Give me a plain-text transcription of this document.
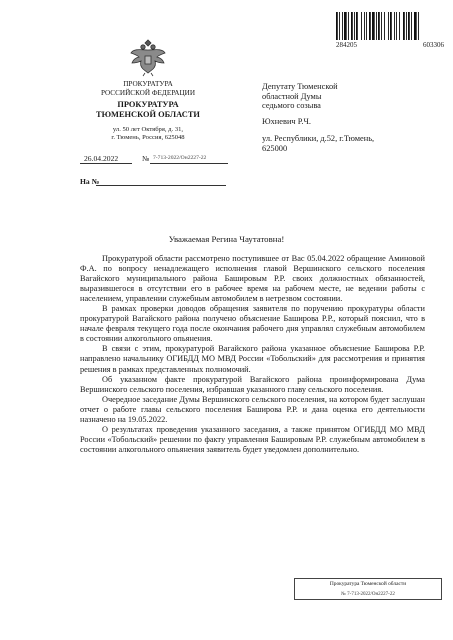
284205	603306
ПРОКУРАТУРА
РОССИЙСКОЙ ФЕДЕРАЦИИ
ПРОКУРАТУРА
ТЮМЕНСКОЙ ОБЛАСТИ
ул. 50 лет Октября, д. 31,
г. Тюмень, Россия, 625048
26.04.2022	№ 7-713-2022/Он2227-22
На №
Депутату Тюменской
областной Думы
седьмого созыва
Юхневич Р.Ч.
ул. Республики, д.52, г.Тюмень,
625000
Уважаемая Регина Чаутатовна!

Прокуратурой области рассмотрено поступившее от Вас 05.04.2022 обращение Аминовой Ф.А. по вопросу ненадлежащего исполнения главой Вершинского сельского поселения Вагайского муниципального района Башировым Р.Р. своих должностных обязанностей, выразившегося в отсутствии его в рабочее время на рабочем месте, не ведении работы с населением, управлении служебным автомобилем в нетрезвом состоянии.

В рамках проверки доводов обращения заявителя по поручению прокуратуры области прокуратурой Вагайского района получено объяснение Баширова Р.Р., который пояснил, что в начале февраля текущего года после окончания рабочего дня управлял служебным автомобилем в состоянии алкогольного опьянения.

В связи с этим, прокуратурой Вагайского района указанное объяснение Баширова Р.Р. направлено начальнику ОГИБДД МО МВД России «Тобольский» для рассмотрения и принятия решения в рамках представленных полномочий.

Об указанном факте прокуратурой Вагайского района проинформирована Дума Вершинского сельского поселения, избравшая указанного главу сельского поселения.

Очередное заседание Думы Вершинского сельского поселения, на котором будет заслушан отчет о работе главы сельского поселения Баширова Р.Р. и дана оценка его деятельности назначено на 19.05.2022.

О результатах проведения указанного заседания, а также принятом ОГИБДД МО МВД России «Тобольский» решении по факту управления Башировым Р.Р. служебным автомобилем в состоянии алкогольного опьянения заявитель будет уведомлен дополнительно.

Прокуратура Тюменской области
№ 7-713-2022/Он2227-22
